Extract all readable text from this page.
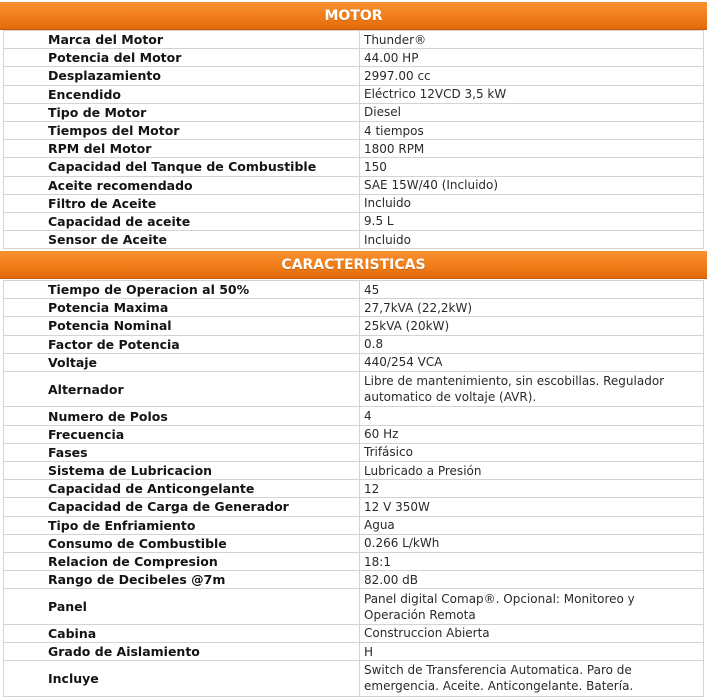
MOTOR
Marca del Motor	Thunder®
Potencia del Motor	44.00 HP
Desplazamiento	2997.00 cc
Encendido	Eléctrico 12VCD 3,5 kW
Tipo de Motor	Diesel
Tiempos del Motor	4 tiempos
RPM del Motor	1800 RPM
Capacidad del Tanque de Combustible	150
Aceite recomendado	SAE 15W/40 (Incluido)
Filtro de Aceite	Incluido
Capacidad de aceite	9.5 L
Sensor de Aceite	Incluido
CARACTERISTICAS
Tiempo de Operacion al 50%	45
Potencia Maxima	27,7kVA (22,2kW)
Potencia Nominal	25kVA (20kW)
Factor de Potencia	0.8
Voltaje	440/254 VCA
Alternador	Libre de mantenimiento, sin escobillas. Regulador automatico de voltaje (AVR).
Numero de Polos	4
Frecuencia	60 Hz
Fases	Trifásico
Sistema de Lubricacion	Lubricado a Presión
Capacidad de Anticongelante	12
Capacidad de Carga de Generador	12 V 350W
Tipo de Enfriamiento	Agua
Consumo de Combustible	0.266 L/kWh
Relacion de Compresion	18:1
Rango de Decibeles @7m	82.00 dB
Panel	Panel digital Comap®. Opcional: Monitoreo y Operación Remota
Cabina	Construccion Abierta
Grado de Aislamiento	H
Incluye	Switch de Transferencia Automatica. Paro de emergencia. Aceite. Anticongelante. Batería.
